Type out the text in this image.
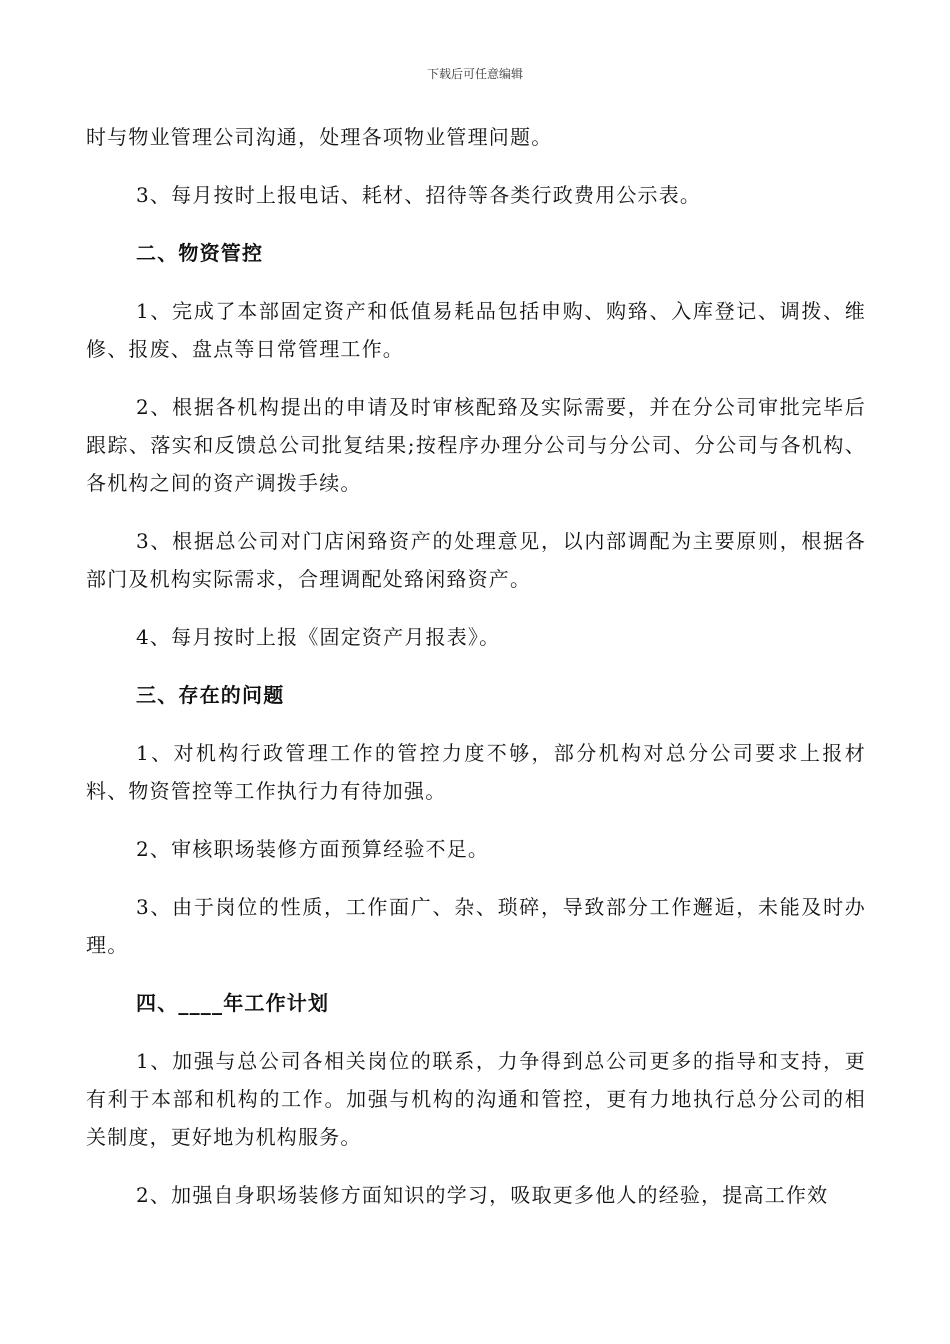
下载后可任意编辑

时与物业管理公司沟通，处理各项物业管理问题。

3、每月按时上报电话、耗材、招待等各类行政费用公示表。

二、物资管控

1、完成了本部固定资产和低值易耗品包括申购、购臵、入库登记、调拨、维修、报废、盘点等日常管理工作。

2、根据各机构提出的申请及时审核配臵及实际需要，并在分公司审批完毕后跟踪、落实和反馈总公司批复结果;按程序办理分公司与分公司、分公司与各机构、各机构之间的资产调拨手续。

3、根据总公司对门店闲臵资产的处理意见，以内部调配为主要原则，根据各部门及机构实际需求，合理调配处臵闲臵资产。

4、每月按时上报《固定资产月报表》。

三、存在的问题

1、对机构行政管理工作的管控力度不够，部分机构对总分公司要求上报材料、物资管控等工作执行力有待加强。

2、审核职场装修方面预算经验不足。

3、由于岗位的性质，工作面广、杂、琐碎，导致部分工作邂逅，未能及时办理。

四、____年工作计划

1、加强与总公司各相关岗位的联系，力争得到总公司更多的指导和支持，更有利于本部和机构的工作。加强与机构的沟通和管控，更有力地执行总分公司的相关制度，更好地为机构服务。

2、加强自身职场装修方面知识的学习，吸取更多他人的经验，提高工作效
